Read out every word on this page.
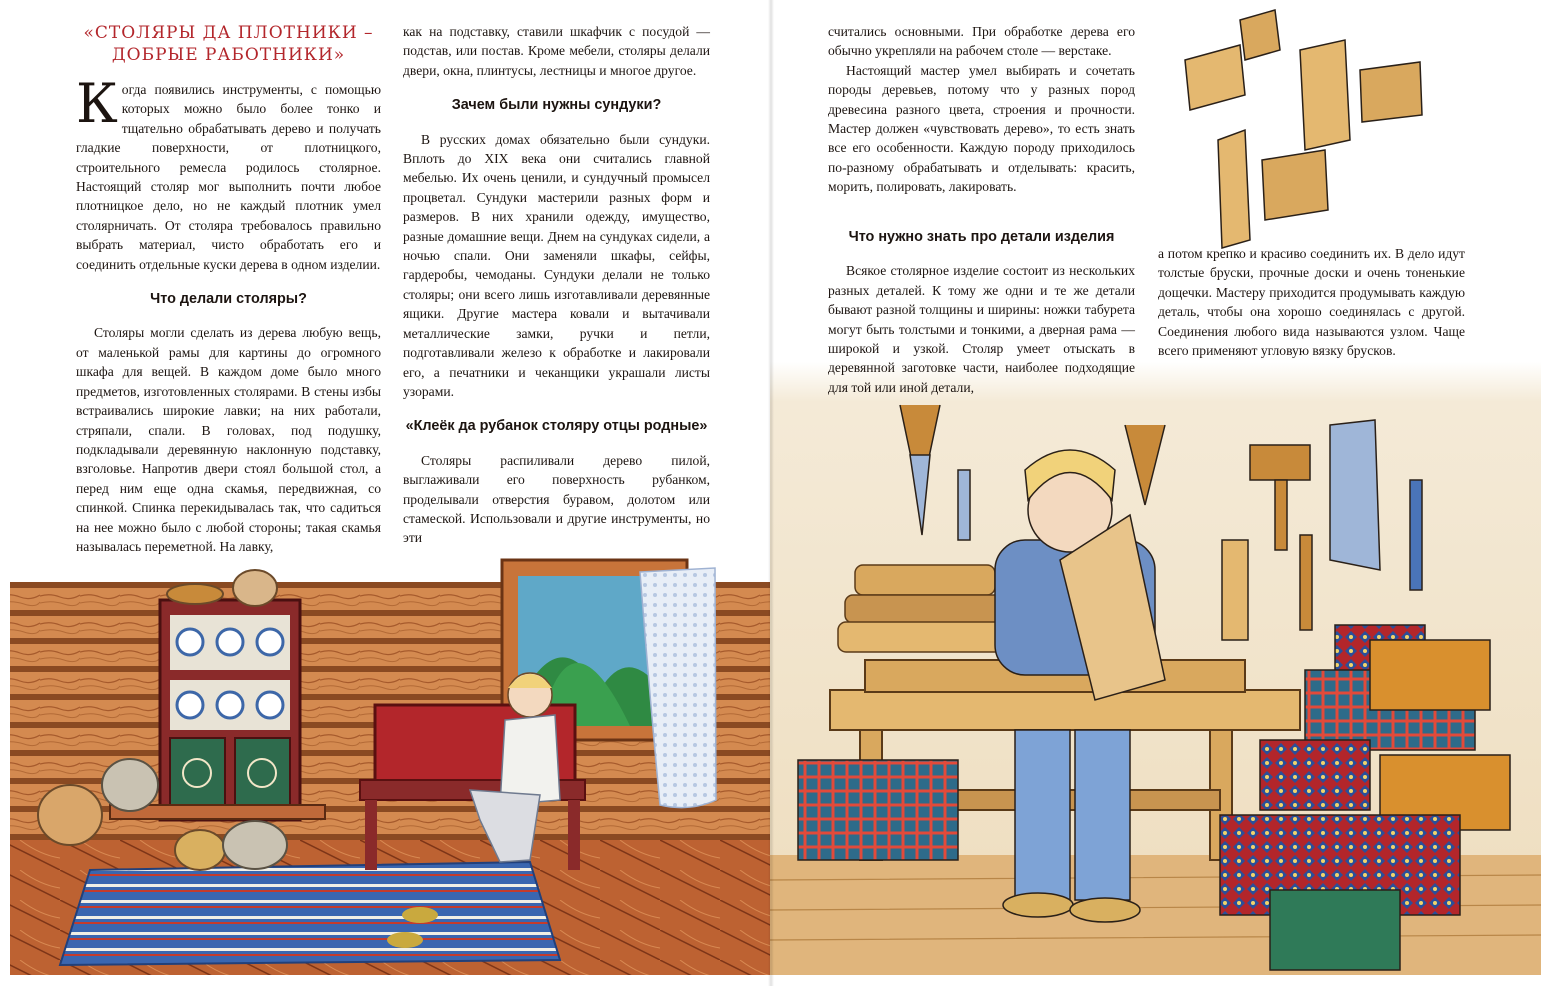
«СТОЛЯРЫ ДА ПЛОТНИКИ –
ДОБРЫЕ РАБОТНИКИ»

Когда появились инструменты, с помощью которых можно было более тонко и тщательно обрабатывать дерево и получать гладкие поверхности, от плотницкого, строительного ремесла родилось столярное. Настоящий столяр мог выполнить почти любое плотницкое дело, но не каждый плотник умел столярничать. От столяра требовалось правильно выбрать материал, чисто обработать его и соединить отдельные куски дерева в одном изделии.

Что делали столяры?

Столяры могли сделать из дерева любую вещь, от маленькой рамы для картины до огромного шкафа для вещей. В каждом доме было много предметов, изготовленных столярами. В стены избы встраивались широкие лавки; на них работали, стряпали, спали. В головах, под подушку, подкладывали деревянную наклонную подставку, взголовье. Напротив двери стоял большой стол, а перед ним еще одна скамья, передвижная, со спинкой. Спинка перекидывалась так, что садиться на нее можно было с любой стороны; такая скамья называлась переметной. На лавку,

как на подставку, ставили шкафчик с посудой — подстав, или постав. Кроме мебели, столяры делали двери, окна, плинтусы, лестницы и многое другое.

Зачем были нужны сундуки?

В русских домах обязательно были сундуки. Вплоть до XIX века они считались главной мебелью. Их очень ценили, и сундучный промысел процветал. Сундуки мастерили разных форм и размеров. В них хранили одежду, имущество, разные домашние вещи. Днем на сундуках сидели, а ночью спали. Они заменяли шкафы, сейфы, гардеробы, чемоданы. Сундуки делали не только столяры; они всего лишь изготавливали деревянные ящики. Другие мастера ковали и вытачивали металлические замки, ручки и петли, подготавливали железо к обработке и лакировали его, а печатники и чеканщики украшали листы узорами.

«Клеёк да рубанок столяру отцы родные»

Столяры распиливали дерево пилой, выглаживали его поверхность рубанком, проделывали отверстия буравом, долотом или стамеской. Использовали и другие инструменты, но эти

считались основными. При обработке дерева его обычно укрепляли на рабочем столе — верстаке.

Настоящий мастер умел выбирать и сочетать породы деревьев, потому что у разных пород древесина разного цвета, строения и прочности. Мастер должен «чувствовать дерево», то есть знать все его особенности. Каждую породу приходилось по-разному обрабатывать и отделывать: красить, морить, полировать, лакировать.

Что нужно знать про детали изделия

Всякое столярное изделие состоит из нескольких разных деталей. К тому же одни и те же детали бывают разной толщины и ширины: ножки табурета могут быть толстыми и тонкими, а дверная рама — широкой и узкой. Столяр умеет отыскать в деревянной заготовке части, наиболее подходящие для той или иной детали,

а потом крепко и красиво соединить их. В дело идут толстые бруски, прочные доски и очень тоненькие дощечки. Мастеру приходится продумывать каждую деталь, чтобы она хорошо соединялась с другой. Соединения любого вида называются узлом. Чаще всего применяют угловую вязку брусков.
